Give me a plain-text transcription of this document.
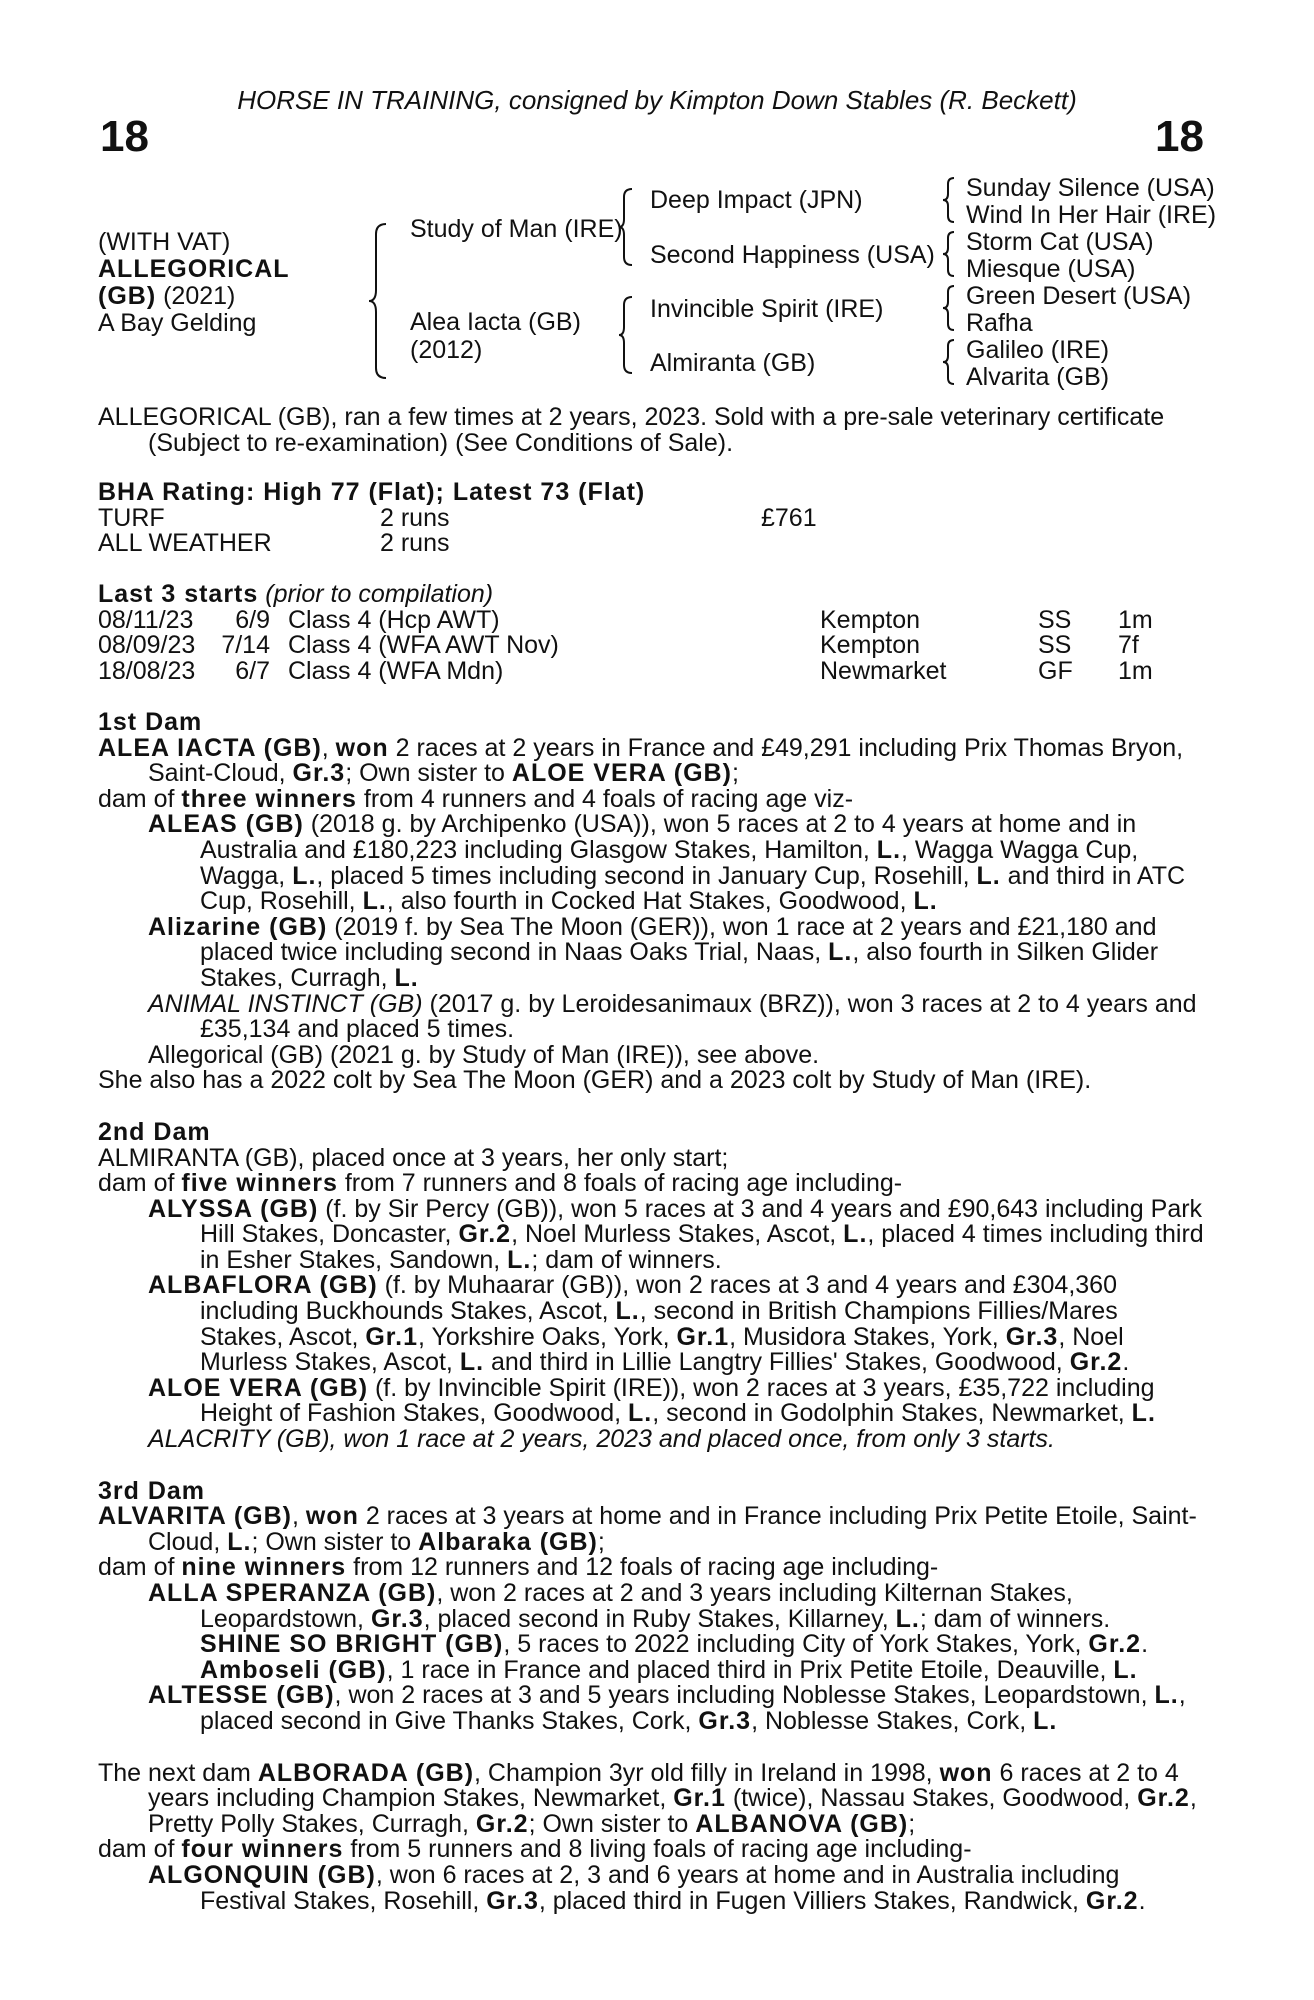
HORSE IN TRAINING, consigned by Kimpton Down Stables (R. Beckett)
18	18
(WITH VAT)
ALLEGORICAL
(GB) (2021)
A Bay Gelding
Study of Man (IRE)
Alea Iacta (GB)
(2012)
Deep Impact (JPN)
Second Happiness (USA)
Invincible Spirit (IRE)
Almiranta (GB)
Sunday Silence (USA)
Wind In Her Hair (IRE)
Storm Cat (USA)
Miesque (USA)
Green Desert (USA)
Rafha
Galileo (IRE)
Alvarita (GB)

ALLEGORICAL (GB), ran a few times at 2 years, 2023. Sold with a pre-sale veterinary certificate

(Subject to re-examination) (See Conditions of Sale).

BHA Rating: High 77 (Flat); Latest 73 (Flat)

TURF	2 runs	£761
ALL WEATHER	2 runs	

Last 3 starts (prior to compilation)

08/11/23	6/9	Class 4 (Hcp AWT)	Kempton	SS	1m
08/09/23	7/14	Class 4 (WFA AWT Nov)	Kempton	SS	7f
18/08/23	6/7	Class 4 (WFA Mdn)	Newmarket	GF	1m

1st Dam

ALEA IACTA (GB), won 2 races at 2 years in France and £49,291 including Prix Thomas Bryon, Saint-Cloud, Gr.3; Own sister to ALOE VERA (GB);

dam of three winners from 4 runners and 4 foals of racing age viz-

ALEAS (GB) (2018 g. by Archipenko (USA)), won 5 races at 2 to 4 years at home and in Australia and £180,223 including Glasgow Stakes, Hamilton, L., Wagga Wagga Cup, Wagga, L., placed 5 times including second in January Cup, Rosehill, L. and third in ATC Cup, Rosehill, L., also fourth in Cocked Hat Stakes, Goodwood, L.

Alizarine (GB) (2019 f. by Sea The Moon (GER)), won 1 race at 2 years and £21,180 and placed twice including second in Naas Oaks Trial, Naas, L., also fourth in Silken Glider Stakes, Curragh, L.

ANIMAL INSTINCT (GB) (2017 g. by Leroidesanimaux (BRZ)), won 3 races at 2 to 4 years and £35,134 and placed 5 times.

Allegorical (GB) (2021 g. by Study of Man (IRE)), see above.

She also has a 2022 colt by Sea The Moon (GER) and a 2023 colt by Study of Man (IRE).

2nd Dam

ALMIRANTA (GB), placed once at 3 years, her only start;

dam of five winners from 7 runners and 8 foals of racing age including-

ALYSSA (GB) (f. by Sir Percy (GB)), won 5 races at 3 and 4 years and £90,643 including Park Hill Stakes, Doncaster, Gr.2, Noel Murless Stakes, Ascot, L., placed 4 times including third in Esher Stakes, Sandown, L.; dam of winners.

ALBAFLORA (GB) (f. by Muhaarar (GB)), won 2 races at 3 and 4 years and £304,360 including Buckhounds Stakes, Ascot, L., second in British Champions Fillies/Mares Stakes, Ascot, Gr.1, Yorkshire Oaks, York, Gr.1, Musidora Stakes, York, Gr.3, Noel Murless Stakes, Ascot, L. and third in Lillie Langtry Fillies' Stakes, Goodwood, Gr.2.

ALOE VERA (GB) (f. by Invincible Spirit (IRE)), won 2 races at 3 years, £35,722 including Height of Fashion Stakes, Goodwood, L., second in Godolphin Stakes, Newmarket, L.

ALACRITY (GB), won 1 race at 2 years, 2023 and placed once, from only 3 starts.

3rd Dam

ALVARITA (GB), won 2 races at 3 years at home and in France including Prix Petite Etoile, Saint-Cloud, L.; Own sister to Albaraka (GB);

dam of nine winners from 12 runners and 12 foals of racing age including-

ALLA SPERANZA (GB), won 2 races at 2 and 3 years including Kilternan Stakes, Leopardstown, Gr.3, placed second in Ruby Stakes, Killarney, L.; dam of winners.

SHINE SO BRIGHT (GB), 5 races to 2022 including City of York Stakes, York, Gr.2.

Amboseli (GB), 1 race in France and placed third in Prix Petite Etoile, Deauville, L.

ALTESSE (GB), won 2 races at 3 and 5 years including Noblesse Stakes, Leopardstown, L., placed second in Give Thanks Stakes, Cork, Gr.3, Noblesse Stakes, Cork, L.

The next dam ALBORADA (GB), Champion 3yr old filly in Ireland in 1998, won 6 races at 2 to 4 years including Champion Stakes, Newmarket, Gr.1 (twice), Nassau Stakes, Goodwood, Gr.2, Pretty Polly Stakes, Curragh, Gr.2; Own sister to ALBANOVA (GB);

dam of four winners from 5 runners and 8 living foals of racing age including-

ALGONQUIN (GB), won 6 races at 2, 3 and 6 years at home and in Australia including Festival Stakes, Rosehill, Gr.3, placed third in Fugen Villiers Stakes, Randwick, Gr.2.
